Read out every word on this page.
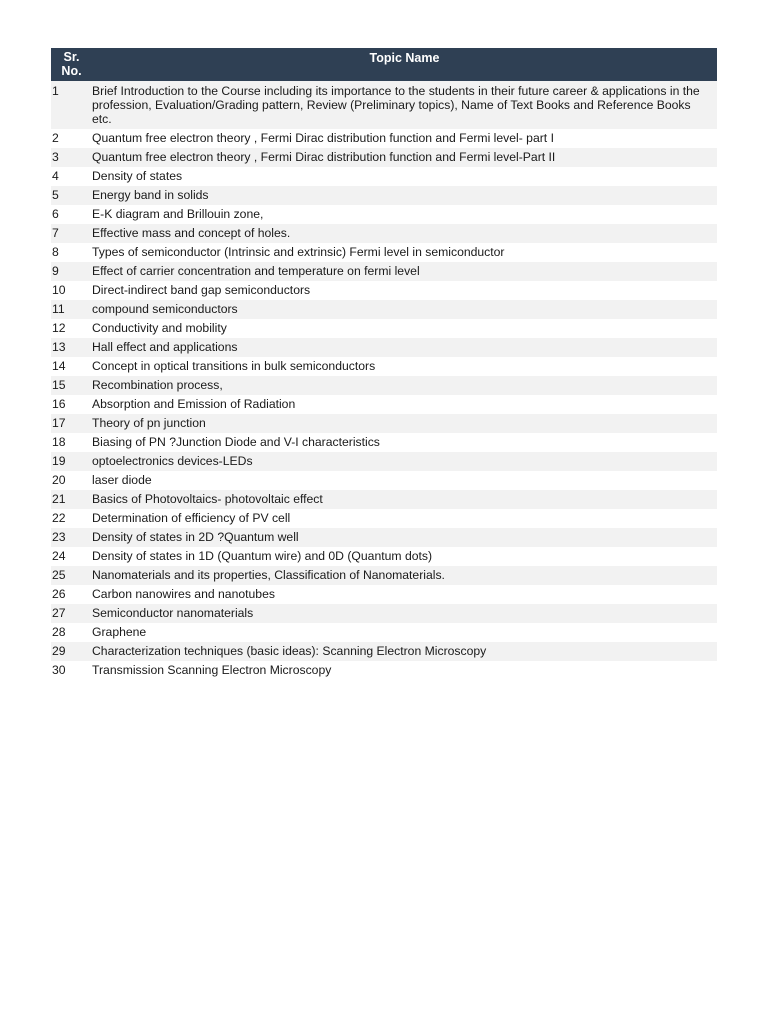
Sr.
No.	Topic Name
1	Brief Introduction to the Course including its importance to the students in their future career & applications in the profession, Evaluation/Grading pattern, Review (Preliminary topics), Name of Text Books and Reference Books etc.
2	Quantum free electron theory , Fermi Dirac distribution function and Fermi level- part I
3	Quantum free electron theory , Fermi Dirac distribution function and Fermi level-Part II
4	Density of states
5	Energy band in solids
6	E-K diagram and Brillouin zone,
7	Effective mass and concept of holes.
8	Types of semiconductor (Intrinsic and extrinsic) Fermi level in semiconductor
9	Effect of carrier concentration and temperature on fermi level
10	Direct-indirect band gap semiconductors
11	compound semiconductors
12	Conductivity and mobility
13	Hall effect and applications
14	Concept in optical transitions in bulk semiconductors
15	Recombination process,
16	Absorption and Emission of Radiation
17	Theory of pn junction
18	Biasing of PN ?Junction Diode and V-I characteristics
19	optoelectronics devices-LEDs
20	laser diode
21	Basics of Photovoltaics- photovoltaic effect
22	Determination of efficiency of PV cell
23	Density of states in 2D ?Quantum well
24	Density of states in 1D (Quantum wire) and 0D (Quantum dots)
25	Nanomaterials and its properties, Classification of Nanomaterials.
26	Carbon nanowires and nanotubes
27	Semiconductor nanomaterials
28	Graphene
29	Characterization techniques (basic ideas): Scanning Electron Microscopy
30	Transmission Scanning Electron Microscopy
